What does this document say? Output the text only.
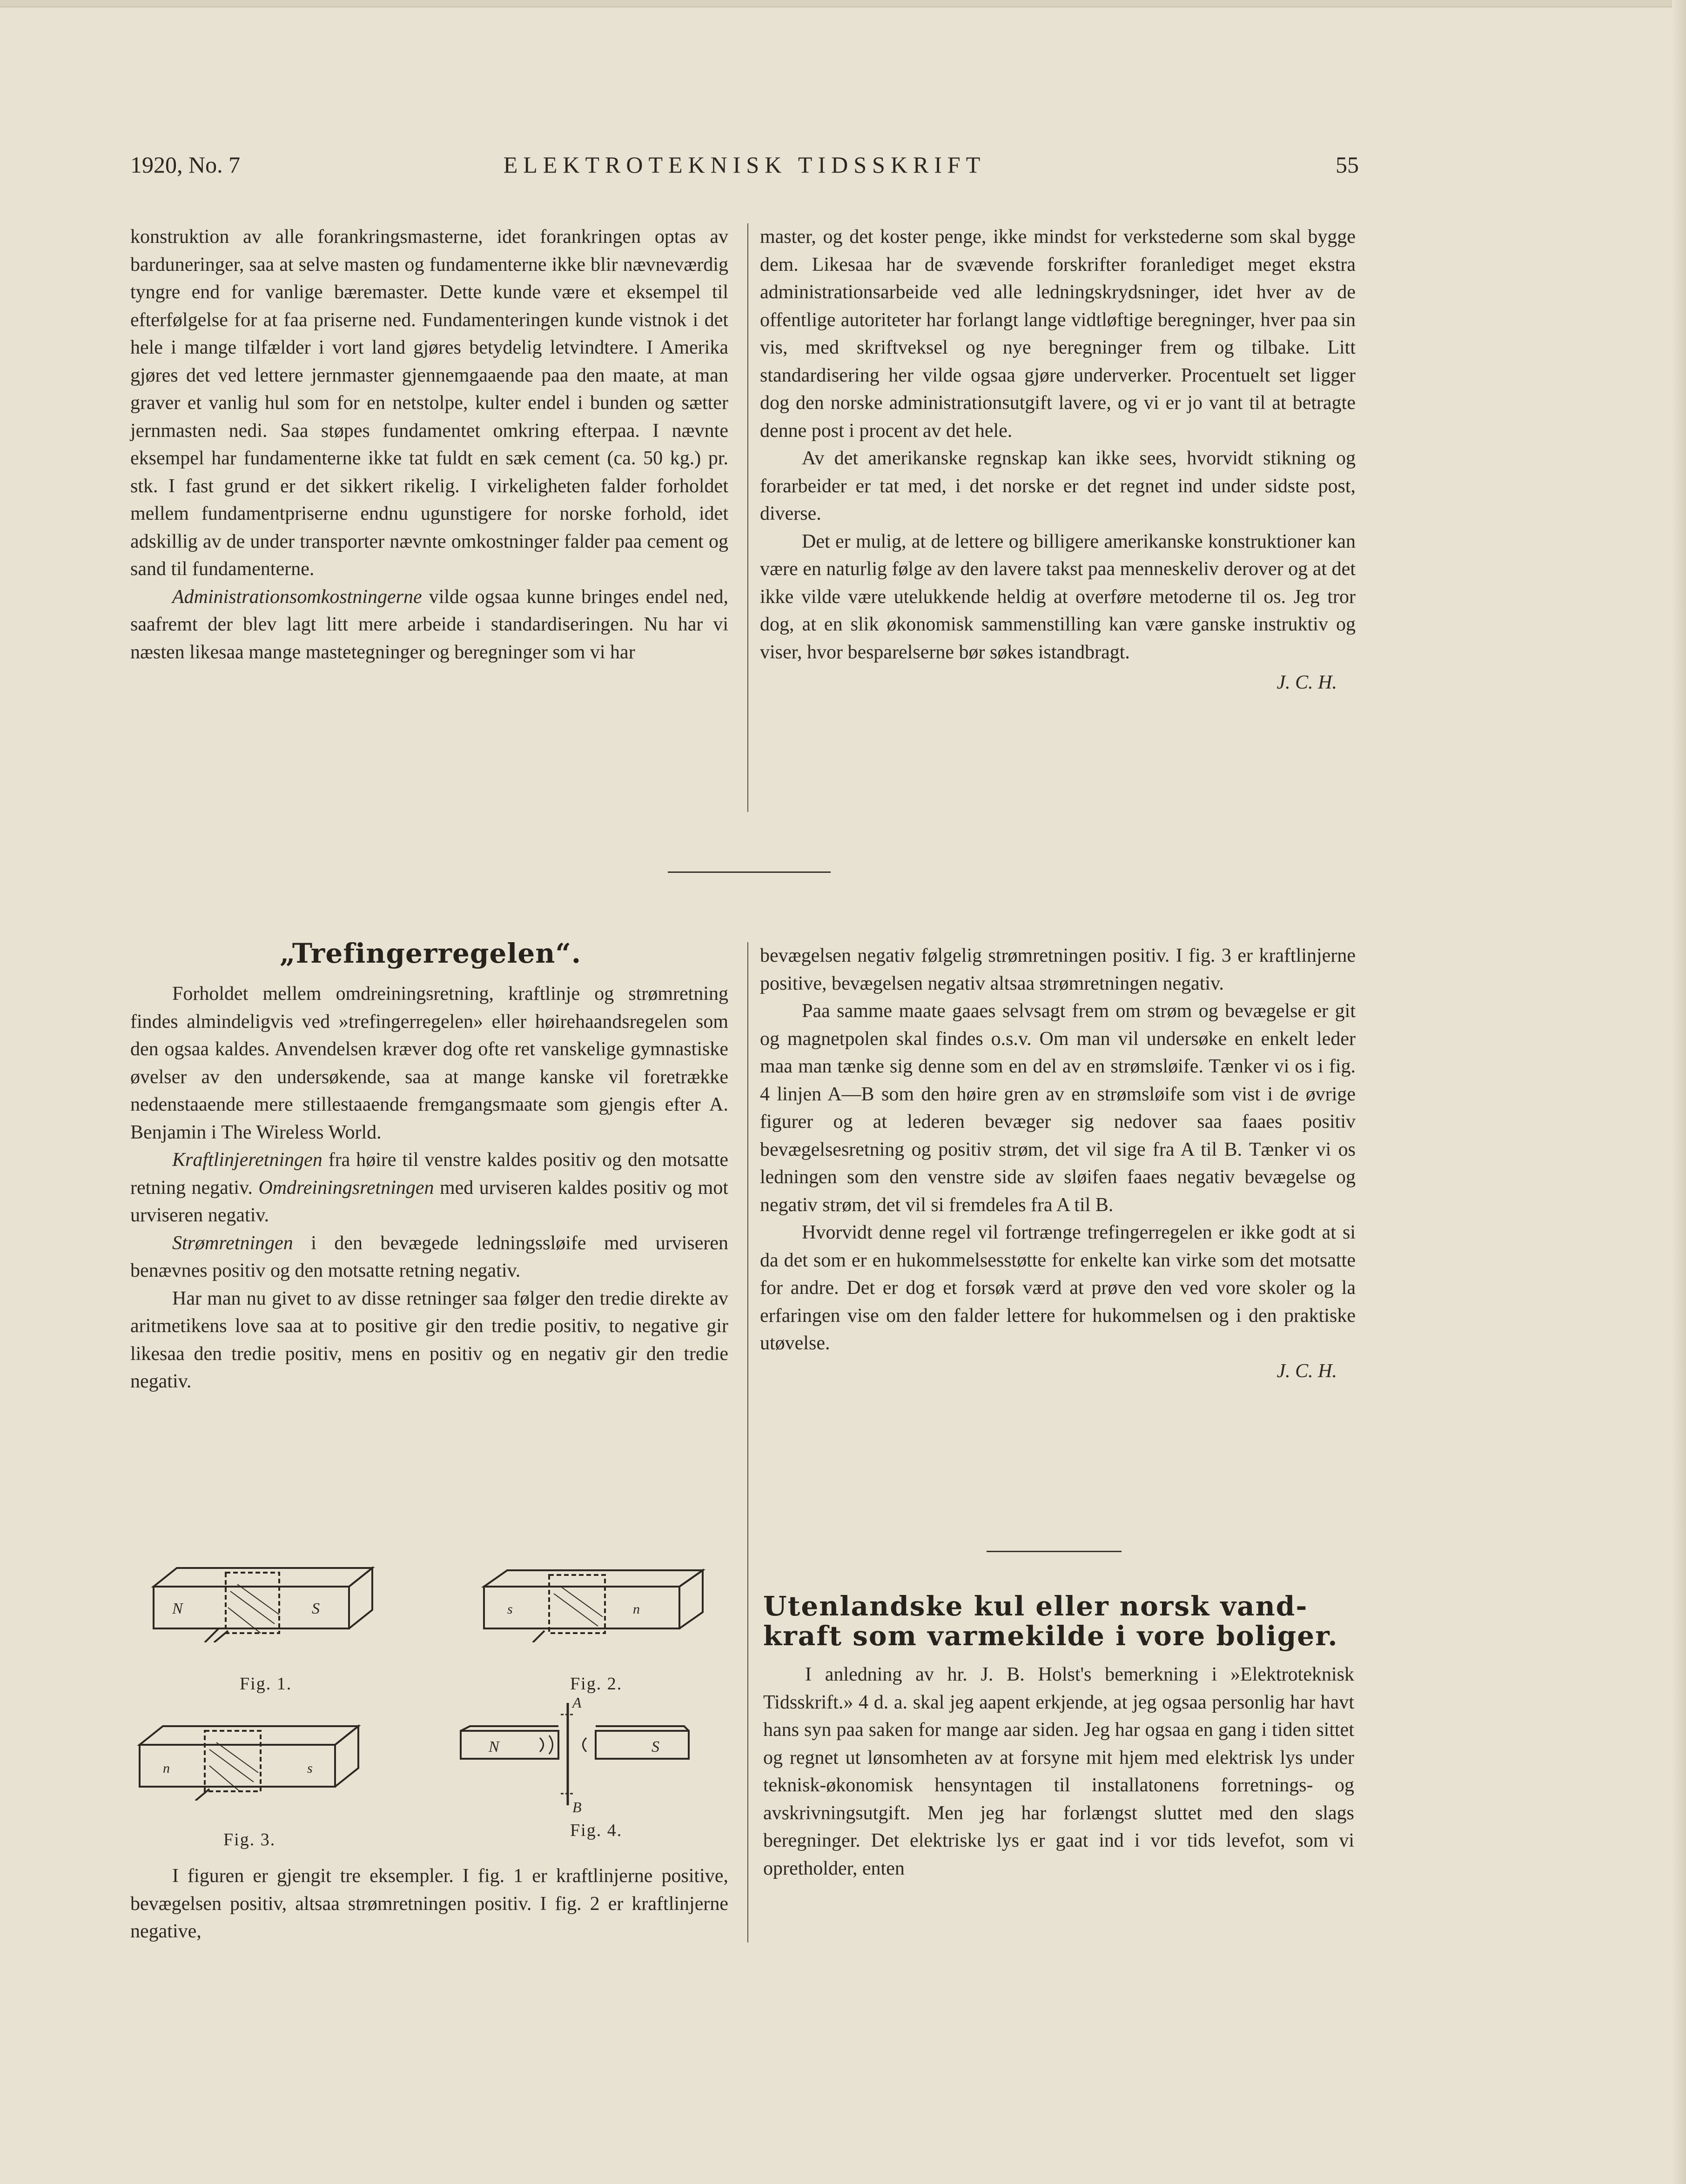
1920, No. 7	ELEKTROTEKNISK TIDSSKRIFT	55

konstruktion av alle forankringsmasterne, idet forankringen optas av barduneringer, saa at selve masten og fundamenterne ikke blir nævneværdig tyngre end for vanlige bæremaster. Dette kunde være et eksempel til efterfølgelse for at faa priserne ned. Fundamenteringen kunde vistnok i det hele i mange tilfælder i vort land gjøres betydelig letvindtere. I Amerika gjøres det ved lettere jernmaster gjennemgaaende paa den maate, at man graver et vanlig hul som for en netstolpe, kulter endel i bunden og sætter jernmasten nedi. Saa støpes fundamentet omkring efterpaa. I nævnte eksempel har fundamenterne ikke tat fuldt en sæk cement (ca. 50 kg.) pr. stk. I fast grund er det sikkert rikelig. I virkeligheten falder forholdet mellem fundamentpriserne endnu ugunstigere for norske forhold, idet adskillig av de under transporter nævnte omkostninger falder paa cement og sand til fundamenterne.

Administrationsomkostningerne vilde ogsaa kunne bringes endel ned, saafremt der blev lagt litt mere arbeide i standardiseringen. Nu har vi næsten likesaa mange mastetegninger og beregninger som vi har

master, og det koster penge, ikke mindst for verkstederne som skal bygge dem. Likesaa har de svævende forskrifter foranlediget meget ekstra administrationsarbeide ved alle ledningskrydsninger, idet hver av de offentlige autoriteter har forlangt lange vidtløftige beregninger, hver paa sin vis, med skriftveksel og nye beregninger frem og tilbake. Litt standardisering her vilde ogsaa gjøre underverker. Procentuelt set ligger dog den norske administrationsutgift lavere, og vi er jo vant til at betragte denne post i procent av det hele.

Av det amerikanske regnskap kan ikke sees, hvorvidt stikning og forarbeider er tat med, i det norske er det regnet ind under sidste post, diverse.

Det er mulig, at de lettere og billigere amerikanske konstruktioner kan være en naturlig følge av den lavere takst paa menneskeliv derover og at det ikke vilde være utelukkende heldig at overføre metoderne til os. Jeg tror dog, at en slik økonomisk sammenstilling kan være ganske instruktiv og viser, hvor besparelserne bør søkes istandbragt.

J. C. H.

„Trefingerregelen“.

Forholdet mellem omdreiningsretning, kraftlinje og strømretning findes almindeligvis ved »trefingerregelen» eller høirehaandsregelen som den ogsaa kaldes. Anvendelsen kræver dog ofte ret vanskelige gymnastiske øvelser av den undersøkende, saa at mange kanske vil foretrække nedenstaaende mere stillestaaende fremgangsmaate som gjengis efter A. Benjamin i The Wireless World.

Kraftlinjeretningen fra høire til venstre kaldes positiv og den motsatte retning negativ. Omdreiningsretningen med urviseren kaldes positiv og mot urviseren negativ.

Strømretningen i den bevægede ledningssløife med urviseren benævnes positiv og den motsatte retning negativ.

Har man nu givet to av disse retninger saa følger den tredie direkte av aritmetikens love saa at to positive gir den tredie positiv, to negative gir likesaa den tredie positiv, mens en positiv og en negativ gir den tredie negativ.

N	S
Fig. 1.
s	n
Fig. 2.
n	s
Fig. 3.
A
B
N	S
Fig. 4.

I figuren er gjengit tre eksempler. I fig. 1 er kraftlinjerne positive, bevægelsen positiv, altsaa strømretningen positiv. I fig. 2 er kraftlinjerne negative,

bevægelsen negativ følgelig strømretningen positiv. I fig. 3 er kraftlinjerne positive, bevægelsen negativ altsaa strømretningen negativ.

Paa samme maate gaaes selvsagt frem om strøm og bevægelse er git og magnetpolen skal findes o.s.v. Om man vil undersøke en enkelt leder maa man tænke sig denne som en del av en strømsløife. Tænker vi os i fig. 4 linjen A—B som den høire gren av en strømsløife som vist i de øvrige figurer og at lederen bevæger sig nedover saa faaes positiv bevægelsesretning og positiv strøm, det vil sige fra A til B. Tænker vi os ledningen som den venstre side av sløifen faaes negativ bevægelse og negativ strøm, det vil si fremdeles fra A til B.

Hvorvidt denne regel vil fortrænge trefingerregelen er ikke godt at si da det som er en hukommelsesstøtte for enkelte kan virke som det motsatte for andre. Det er dog et forsøk værd at prøve den ved vore skoler og la erfaringen vise om den falder lettere for hukommelsen og i den praktiske utøvelse.

J. C. H.

Utenlandske kul eller norsk vand-
kraft som varmekilde i vore boliger.

I anledning av hr. J. B. Holst's bemerkning i »Elektroteknisk Tidsskrift.» 4 d. a. skal jeg aapent erkjende, at jeg ogsaa personlig har havt hans syn paa saken for mange aar siden. Jeg har ogsaa en gang i tiden sittet og regnet ut lønsomheten av at forsyne mit hjem med elektrisk lys under teknisk-økonomisk hensyntagen til installatonens forretnings- og avskrivningsutgift. Men jeg har forlængst sluttet med den slags beregninger. Det elektriske lys er gaat ind i vor tids levefot, som vi opretholder, enten
